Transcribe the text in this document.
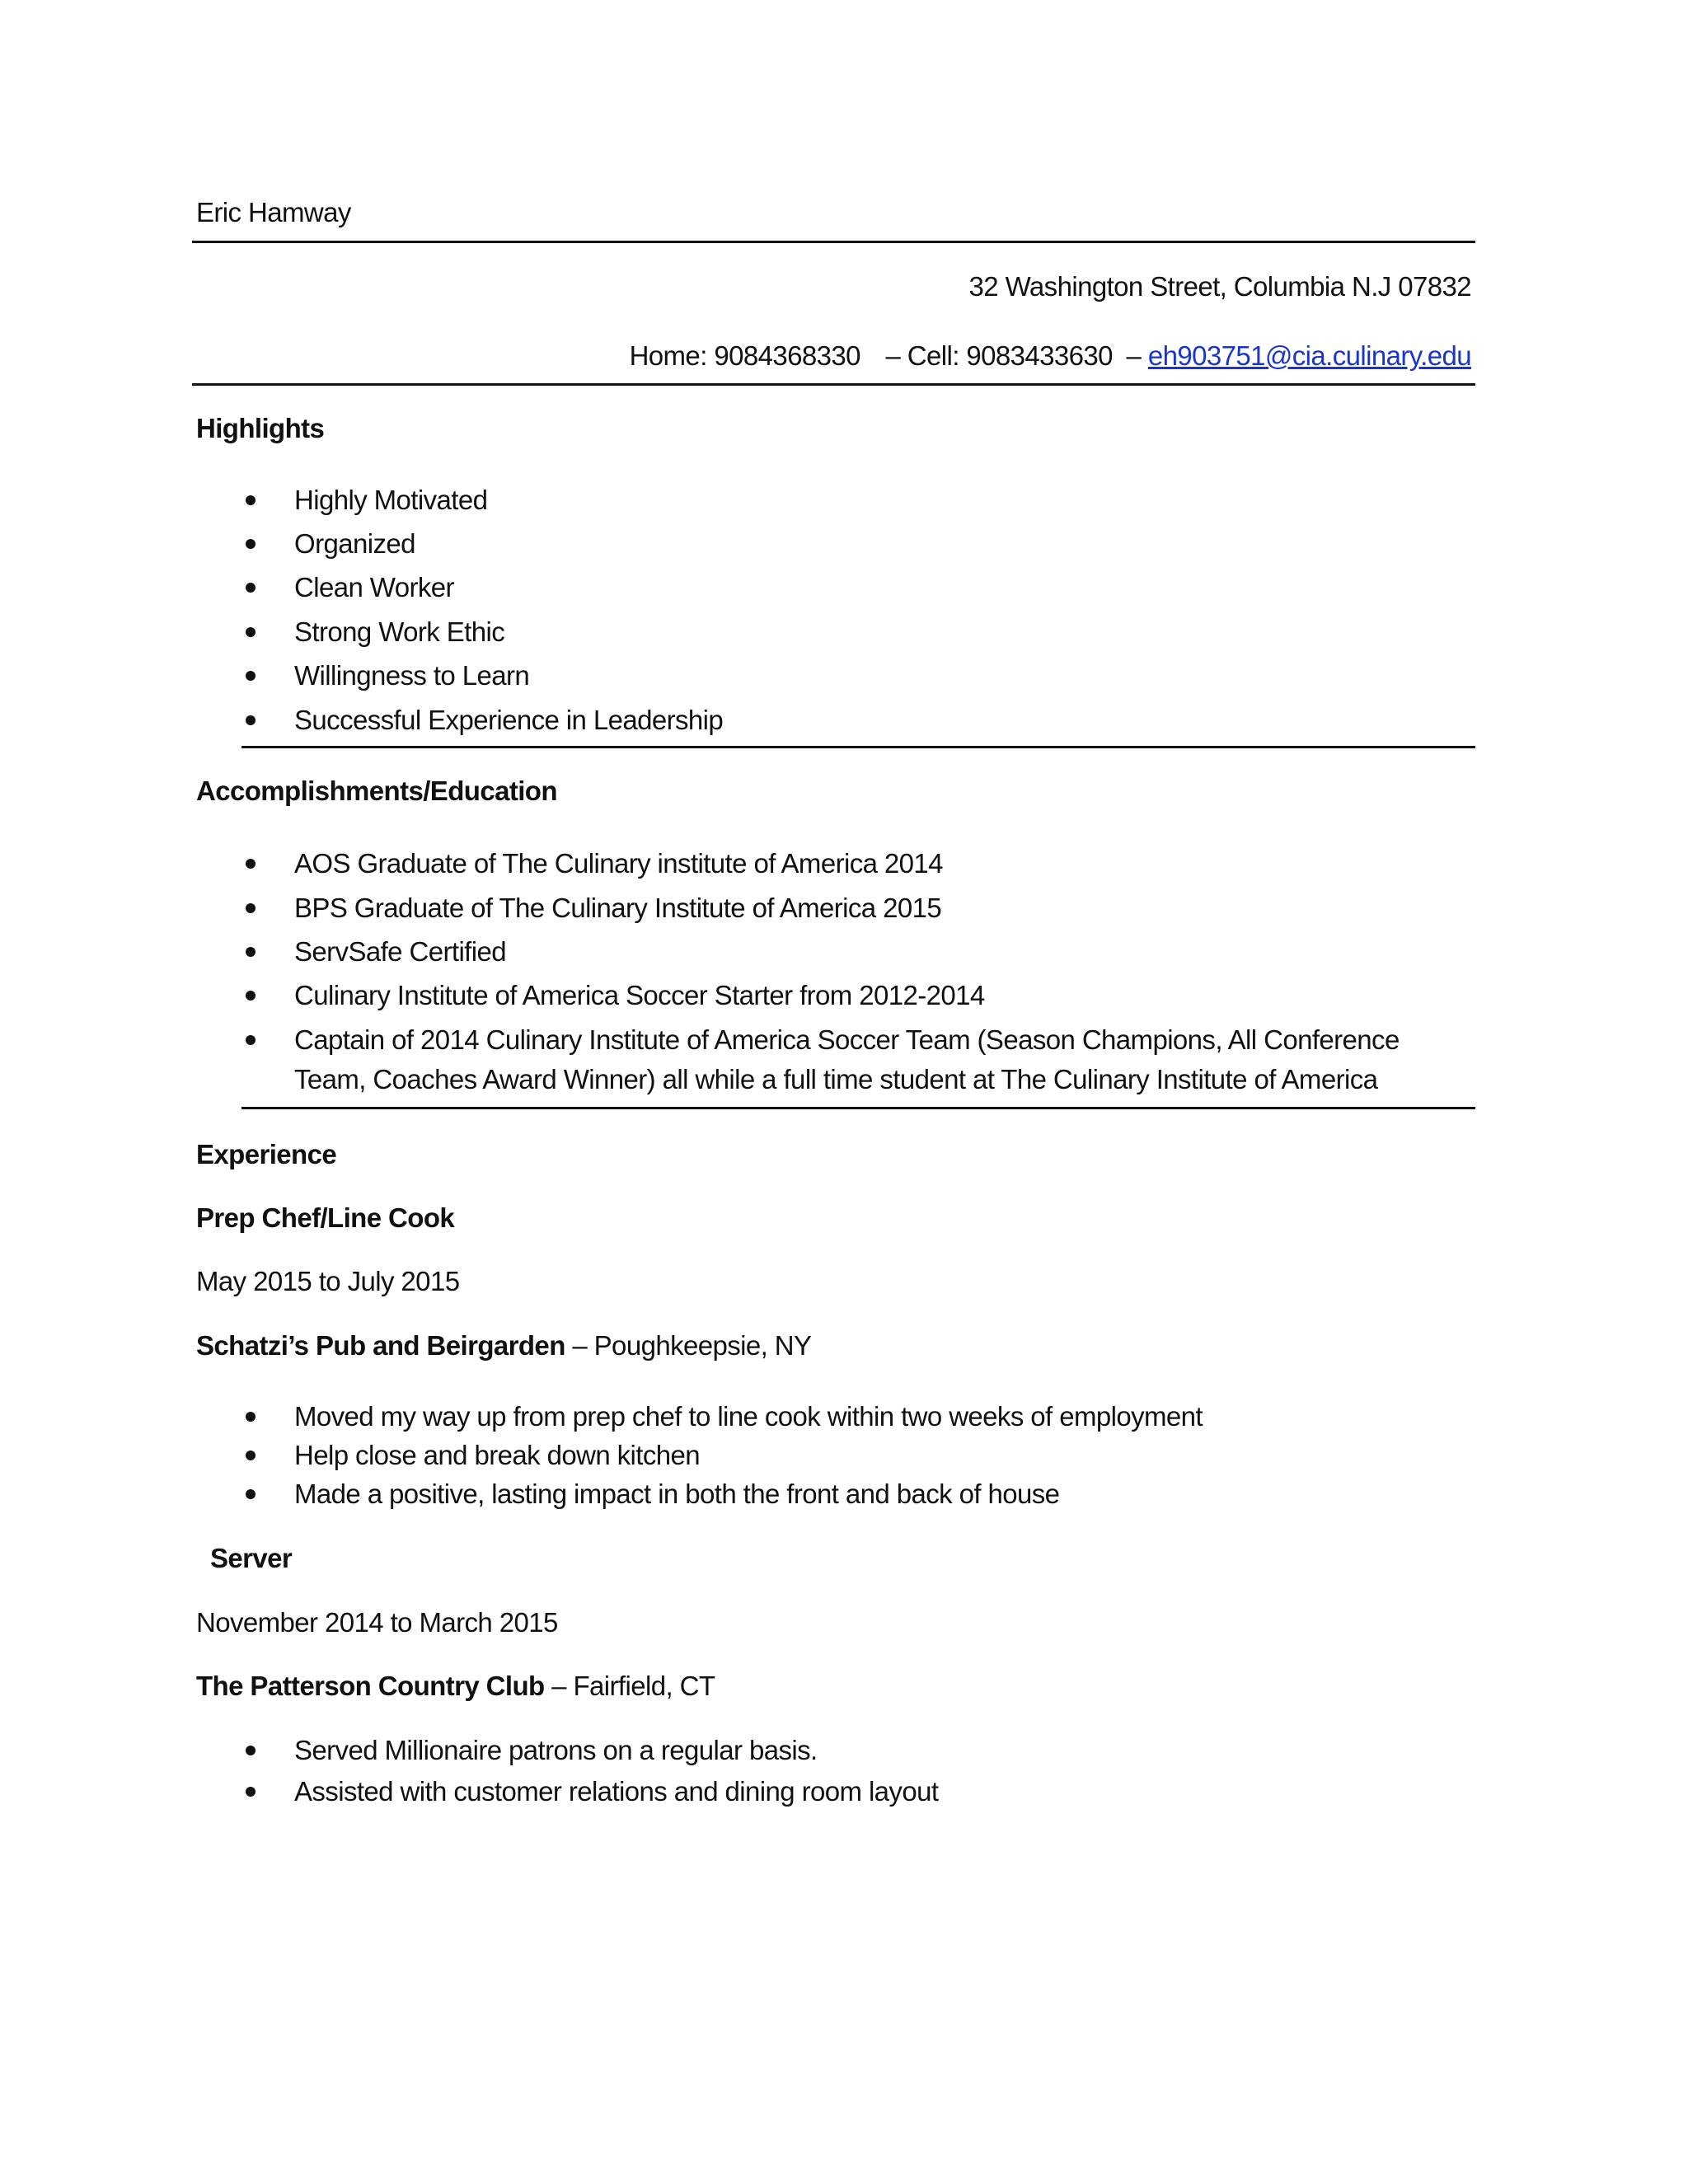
Eric Hamway
32 Washington Street, Columbia N.J 07832
Home: 9084368330 – Cell: 9083433630 – eh903751@cia.culinary.edu
Highlights
Highly Motivated
Organized
Clean Worker
Strong Work Ethic
Willingness to Learn
Successful Experience in Leadership
Accomplishments/Education
AOS Graduate of The Culinary institute of America 2014
BPS Graduate of The Culinary Institute of America 2015
ServSafe Certified
Culinary Institute of America Soccer Starter from 2012-2014
Captain of 2014 Culinary Institute of America Soccer Team (Season Champions, All Conference
Team, Coaches Award Winner) all while a full time student at The Culinary Institute of America
Experience
Prep Chef/Line Cook
May 2015 to July 2015
Schatzi’s Pub and Beirgarden – Poughkeepsie, NY
Moved my way up from prep chef to line cook within two weeks of employment
Help close and break down kitchen
Made a positive, lasting impact in both the front and back of house
Server
November 2014 to March 2015
The Patterson Country Club – Fairfield, CT
Served Millionaire patrons on a regular basis.
Assisted with customer relations and dining room layout
